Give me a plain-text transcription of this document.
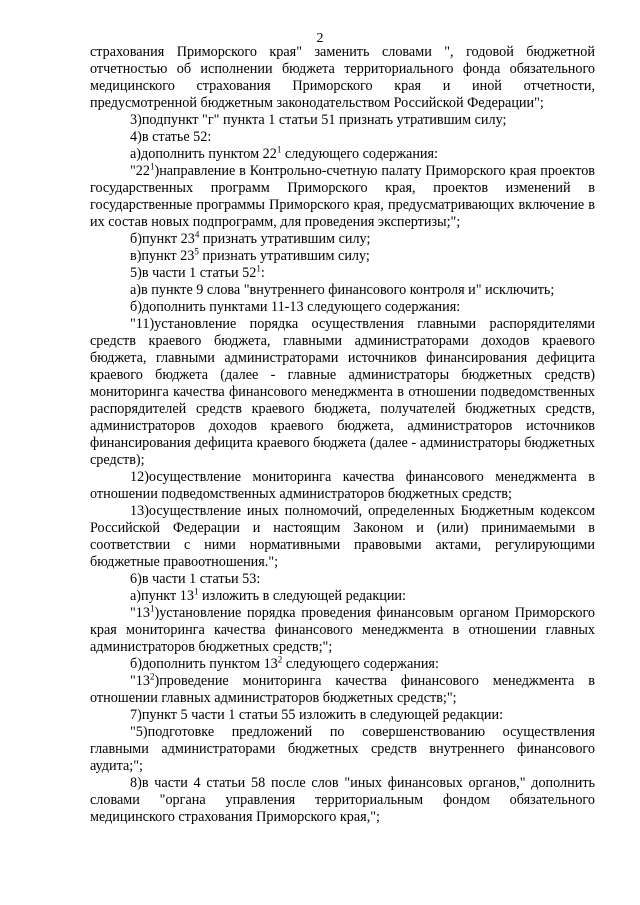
2

страхования Приморского края" заменить словами ", годовой бюджетной отчетностью об исполнении бюджета территориального фонда обязательного медицинского страхования Приморского края и иной отчетности, предусмотренной бюджетным законодательством Российской Федерации";

3)подпункт "г" пункта 1 статьи 51 признать утратившим силу;

4)в статье 52:

а)дополнить пунктом $22^1$ следующего содержания:

"$22^1)направление$ в Контрольно-счетную палату Приморского края проектов государственных программ Приморского края, проектов изменений в государственные программы Приморского края, предусматривающих включение в их состав новых подпрограмм, для проведения экспертизы;";

б)пункт $23^4$ признать утратившим силу;

в)пункт $23^5$ признать утратившим силу;

5)в части 1 статьи $52^1$:

а)в пункте 9 слова "внутреннего финансового контроля и" исключить;

б)дополнить пунктами 11-13 следующего содержания:

"11)установление порядка осуществления главными распорядителями средств краевого бюджета, главными администраторами доходов краевого бюджета, главными администраторами источников финансирования дефицита краевого бюджета (далее - главные администраторы бюджетных средств) мониторинга качества финансового менеджмента в отношении подведомственных распорядителей средств краевого бюджета, получателей бюджетных средств, администраторов доходов краевого бюджета, администраторов источников финансирования дефицита краевого бюджета (далее - администраторы бюджетных средств);

12)осуществление мониторинга качества финансового менеджмента в отношении подведомственных администраторов бюджетных средств;

13)осуществление иных полномочий, определенных Бюджетным кодексом Российской Федерации и настоящим Законом и (или) принимаемыми в соответствии с ними нормативными правовыми актами, регулирующими бюджетные правоотношения.";

6)в части 1 статьи 53:

а)пункт $13^1$ изложить в следующей редакции:

"$13^1)установление$ порядка проведения финансовым органом Приморского края мониторинга качества финансового менеджмента в отношении главных администраторов бюджетных средств;";

б)дополнить пунктом $13^2$ следующего содержания:

"$13^2)проведение$ мониторинга качества финансового менеджмента в отношении главных администраторов бюджетных средств;";

7)пункт 5 части 1 статьи 55 изложить в следующей редакции:

"5)подготовке предложений по совершенствованию осуществления главными администраторами бюджетных средств внутреннего финансового аудита;";

8)в части 4 статьи 58 после слов "иных финансовых органов," дополнить словами "органа управления территориальным фондом обязательного медицинского страхования Приморского края,";
